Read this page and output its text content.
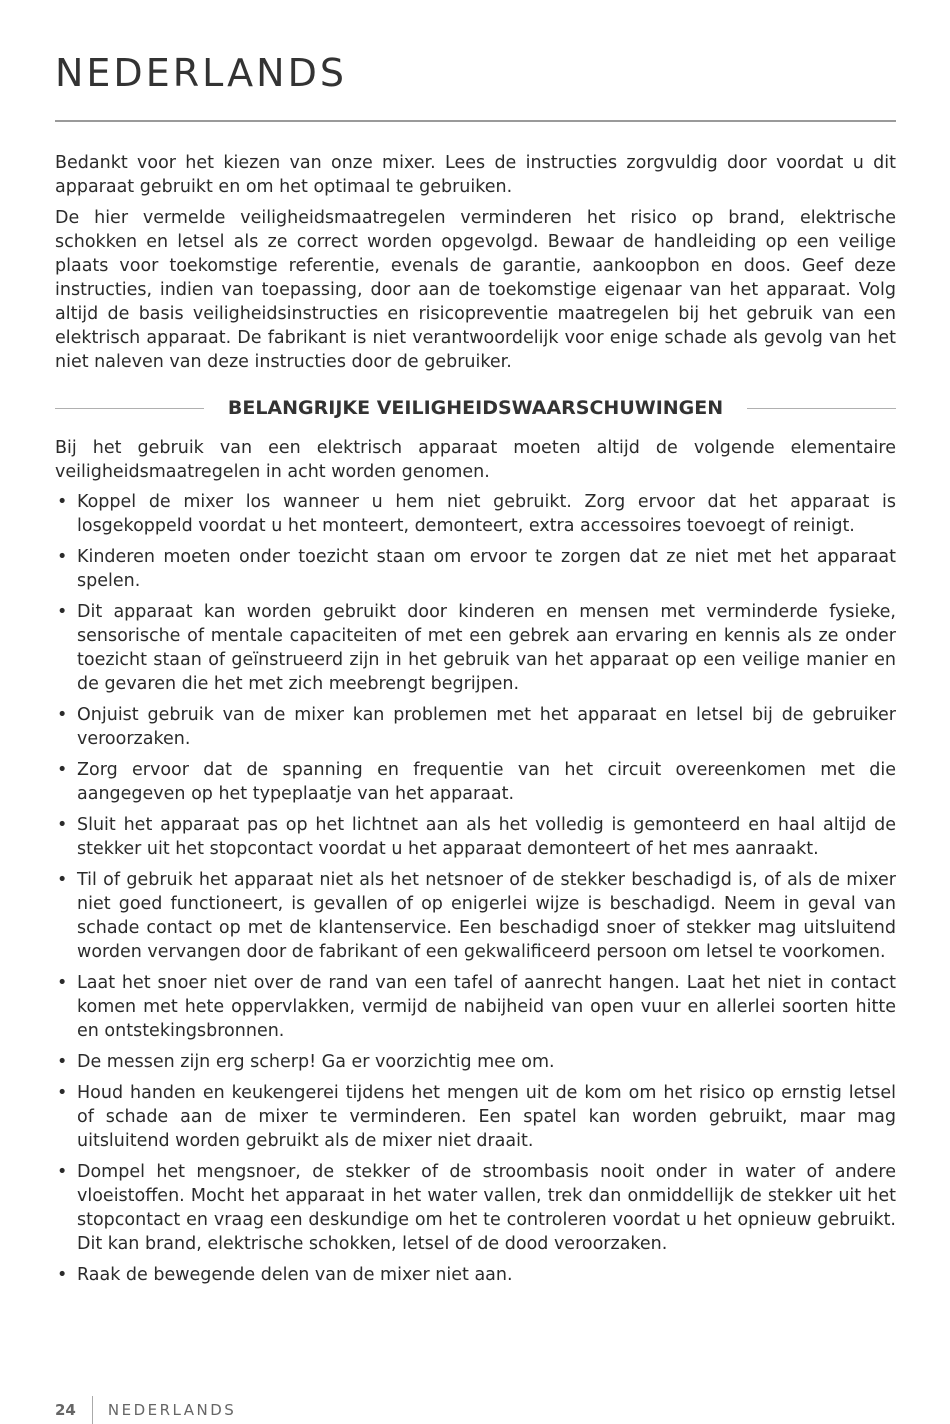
NEDERLANDS

Bedankt voor het kiezen van onze mixer. Lees de instructies zorgvuldig door voordat u dit apparaat gebruikt en om het optimaal te gebruiken.

De hier vermelde veiligheidsmaatregelen verminderen het risico op brand, elektrische schokken en letsel als ze correct worden opgevolgd. Bewaar de handleiding op een veilige plaats voor toekomstige referentie, evenals de garantie, aankoopbon en doos. Geef deze instructies, indien van toepassing, door aan de toekomstige eigenaar van het apparaat. Volg altijd de basis veiligheidsinstructies en risicopreventie maatregelen bij het gebruik van een elektrisch apparaat. De fabrikant is niet verantwoordelijk voor enige schade als gevolg van het niet naleven van deze instructies door de gebruiker.

BELANGRIJKE VEILIGHEIDSWAARSCHUWINGEN

Bij het gebruik van een elektrisch apparaat moeten altijd de volgende elementaire veiligheidsmaatregelen in acht worden genomen.

• Koppel de mixer los wanneer u hem niet gebruikt. Zorg ervoor dat het apparaat is losgekoppeld voordat u het monteert, demonteert, extra accessoires toevoegt of reinigt.
• Kinderen moeten onder toezicht staan om ervoor te zorgen dat ze niet met het apparaat spelen.
• Dit apparaat kan worden gebruikt door kinderen en mensen met verminderde fysieke, sensorische of mentale capaciteiten of met een gebrek aan ervaring en kennis als ze onder toezicht staan of geïnstrueerd zijn in het gebruik van het apparaat op een veilige manier en de gevaren die het met zich meebrengt begrijpen.
• Onjuist gebruik van de mixer kan problemen met het apparaat en letsel bij de gebruiker veroorzaken.
• Zorg ervoor dat de spanning en frequentie van het circuit overeenkomen met die aangegeven op het typeplaatje van het apparaat.
• Sluit het apparaat pas op het lichtnet aan als het volledig is gemonteerd en haal altijd de stekker uit het stopcontact voordat u het apparaat demonteert of het mes aanraakt.
• Til of gebruik het apparaat niet als het netsnoer of de stekker beschadigd is, of als de mixer niet goed functioneert, is gevallen of op enigerlei wijze is beschadigd. Neem in geval van schade contact op met de klantenservice. Een beschadigd snoer of stekker mag uitsluitend worden vervangen door de fabrikant of een gekwalificeerd persoon om letsel te voorkomen.
• Laat het snoer niet over de rand van een tafel of aanrecht hangen. Laat het niet in contact komen met hete oppervlakken, vermijd de nabijheid van open vuur en allerlei soorten hitte en ontstekingsbronnen.
• De messen zijn erg scherp! Ga er voorzichtig mee om.
• Houd handen en keukengerei tijdens het mengen uit de kom om het risico op ernstig letsel of schade aan de mixer te verminderen. Een spatel kan worden gebruikt, maar mag uitsluitend worden gebruikt als de mixer niet draait.
• Dompel het mengsnoer, de stekker of de stroombasis nooit onder in water of andere vloeistoffen. Mocht het apparaat in het water vallen, trek dan onmiddellijk de stekker uit het stopcontact en vraag een deskundige om het te controleren voordat u het opnieuw gebruikt. Dit kan brand, elektrische schokken, letsel of de dood veroorzaken.
• Raak de bewegende delen van de mixer niet aan.
24 NEDERLANDS
